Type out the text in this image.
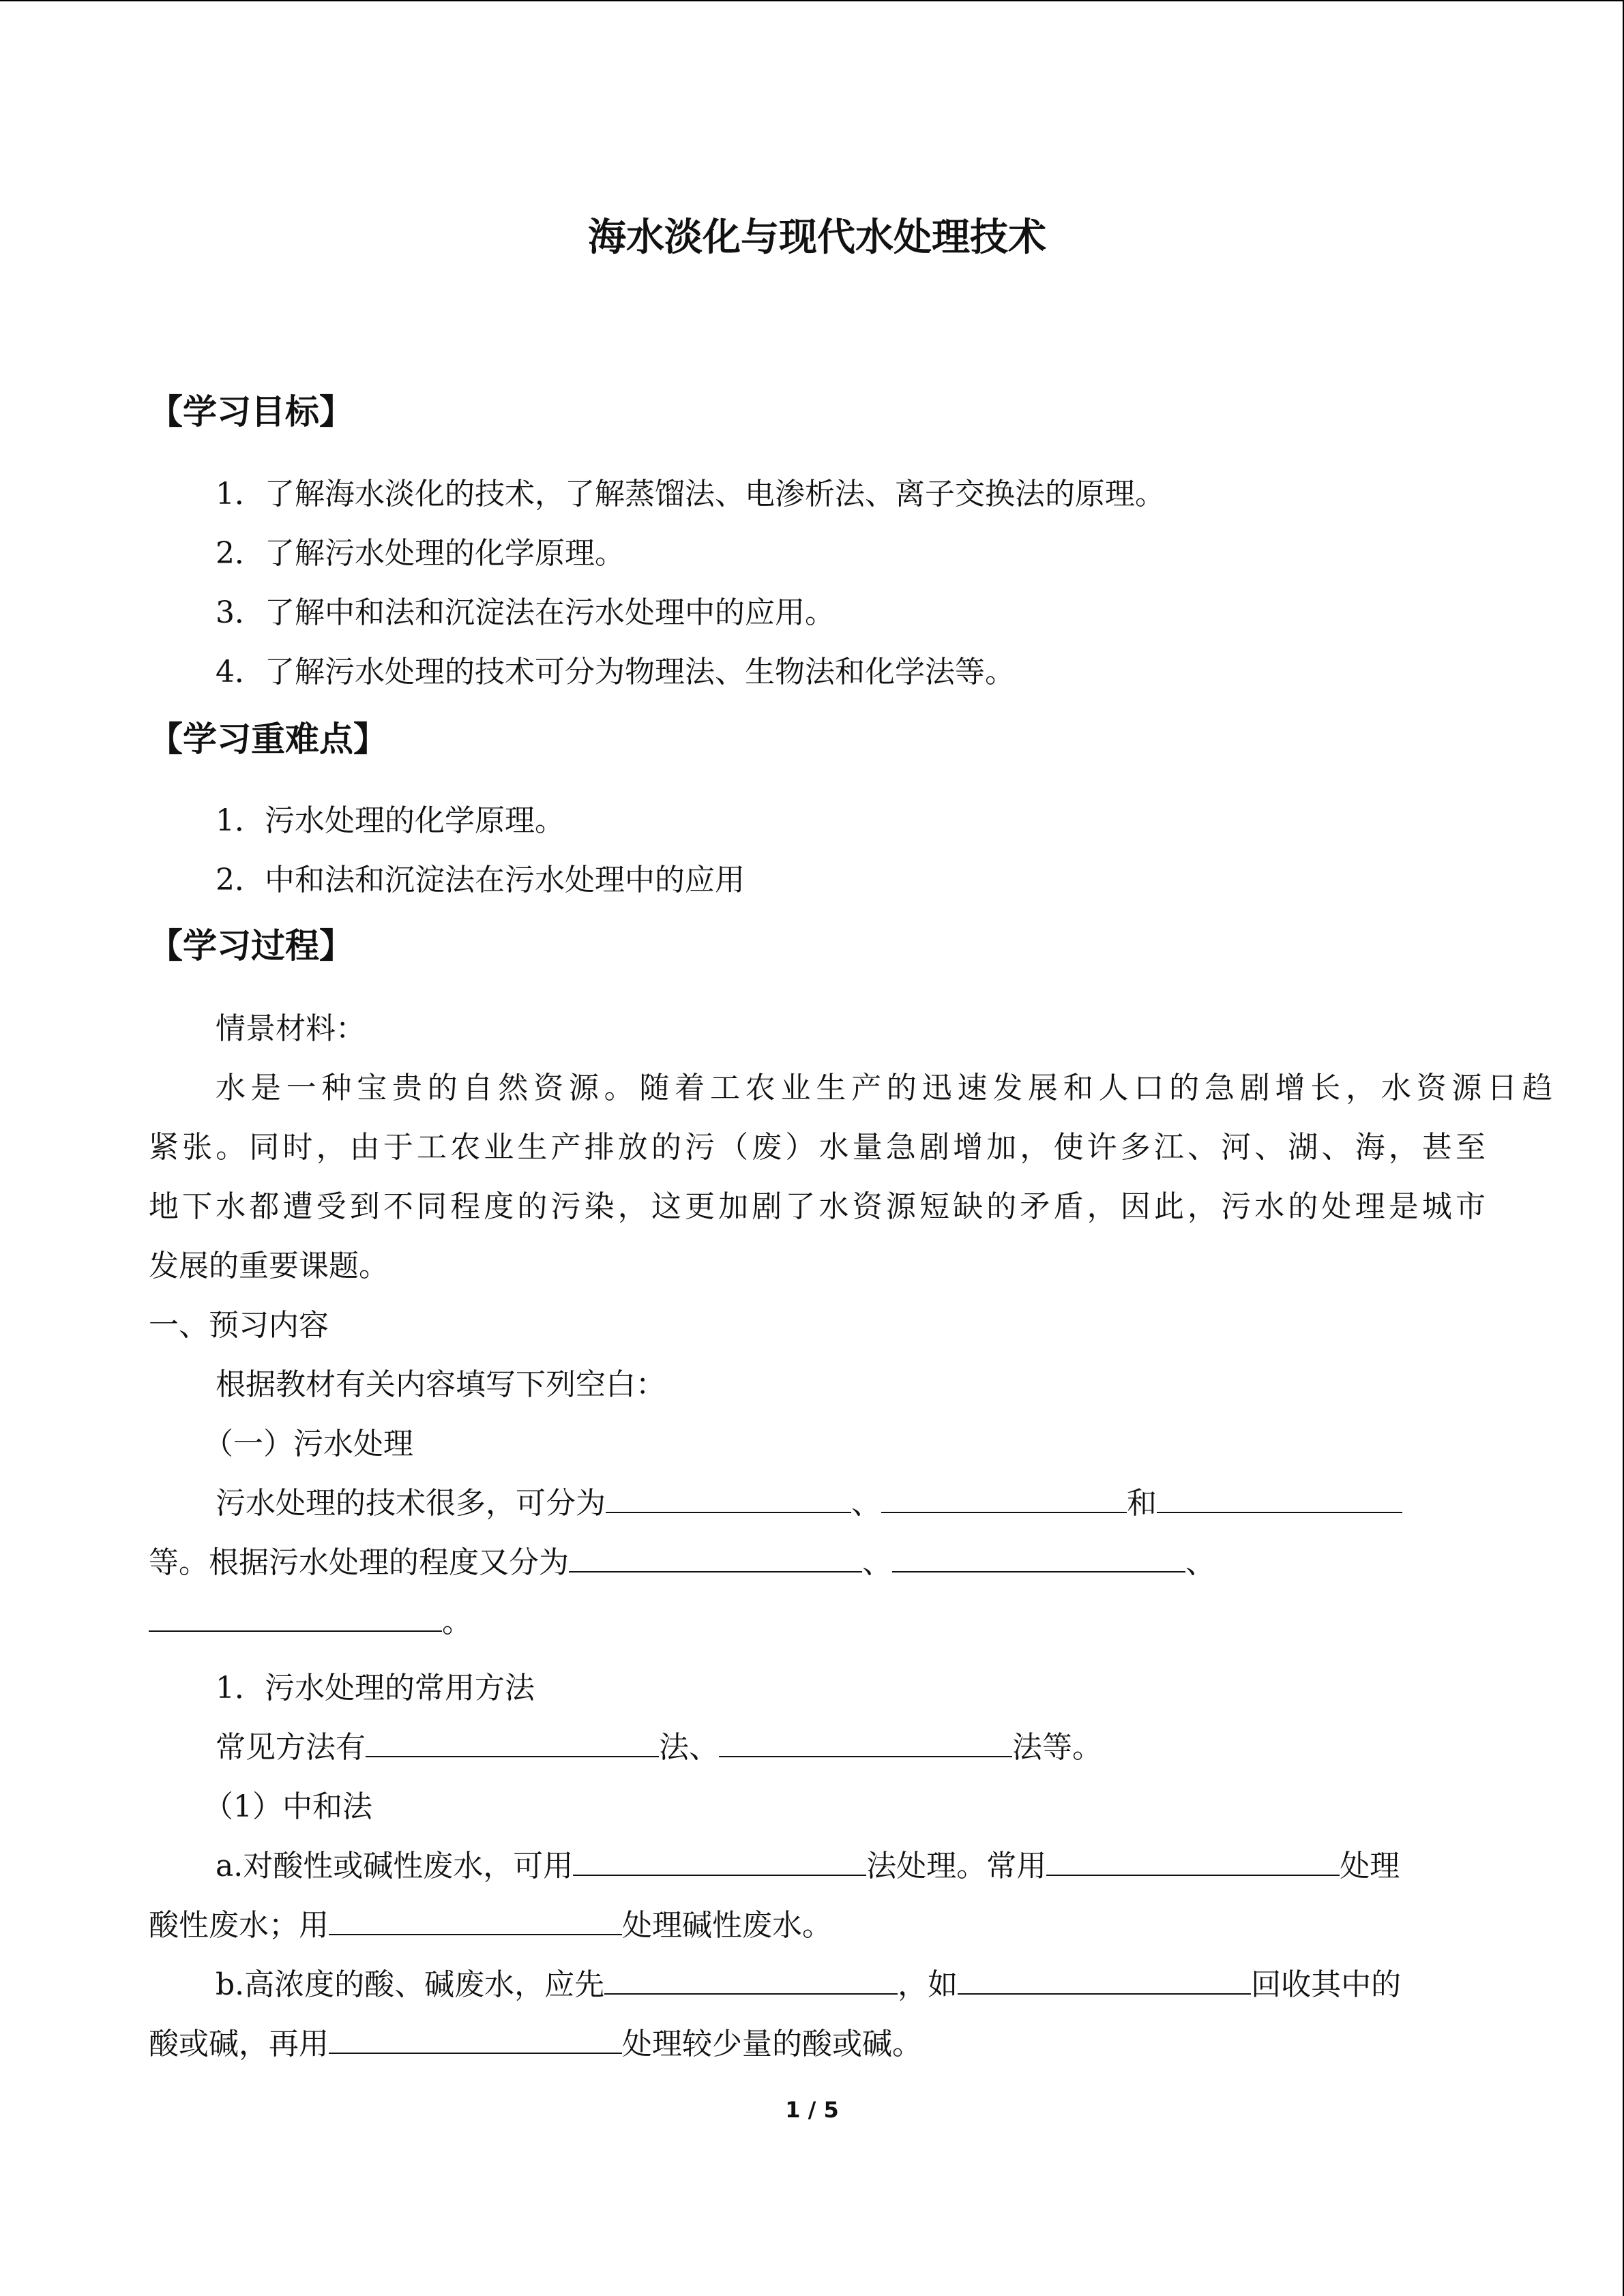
海水淡化与现代水处理技术
【学习目标】
1．了解海水淡化的技术，了解蒸馏法、电渗析法、离子交换法的原理。
2．了解污水处理的化学原理。
3．了解中和法和沉淀法在污水处理中的应用。
4．了解污水处理的技术可分为物理法、生物法和化学法等。
【学习重难点】
1．污水处理的化学原理。
2．中和法和沉淀法在污水处理中的应用
【学习过程】
情景材料：
水是一种宝贵的自然资源。随着工农业生产的迅速发展和人口的急剧增长，水资源日趋
紧张。同时，由于工农业生产排放的污（废）水量急剧增加，使许多江、河、湖、海，甚至
地下水都遭受到不同程度的污染，这更加剧了水资源短缺的矛盾，因此，污水的处理是城市
发展的重要课题。
一、预习内容
根据教材有关内容填写下列空白：
（一）污水处理
污水处理的技术很多，可分为	、	和
等。根据污水处理的程度又分为	、	、
。
1．污水处理的常用方法
常见方法有	法、	法等。
（1）中和法
a.对酸性或碱性废水，可用	法处理。常用	处理
酸性废水；用	处理碱性废水。
b.高浓度的酸、碱废水，应先	，如	回收其中的
酸或碱，再用	处理较少量的酸或碱。
1 / 5
